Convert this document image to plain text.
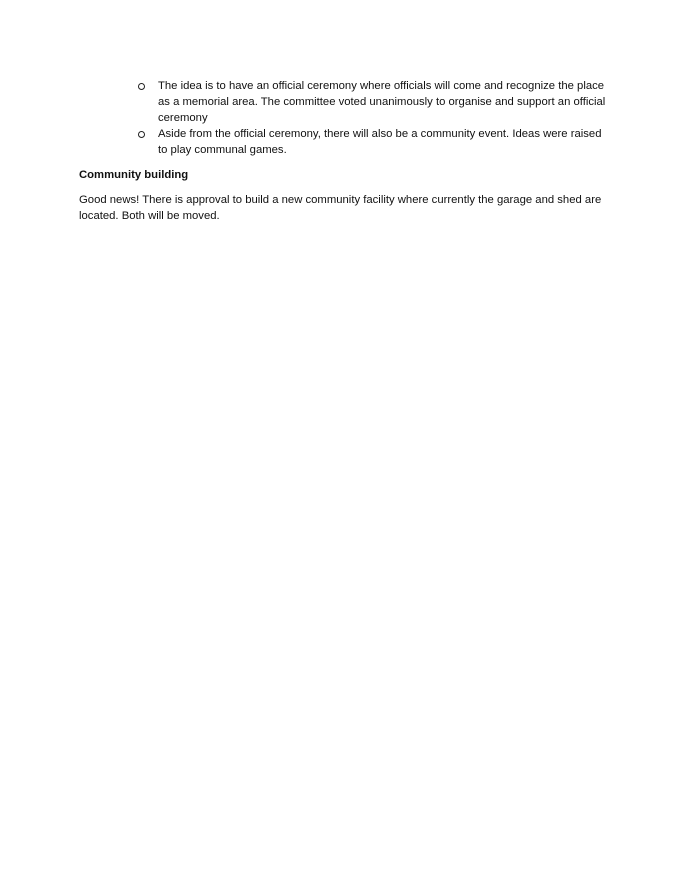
The idea is to have an official ceremony where officials will come and recognize the place as a memorial area. The committee voted unanimously to organise and support an official ceremony
Aside from the official ceremony, there will also be a community event. Ideas were raised to play communal games.
Community building

Good news! There is approval to build a new community facility where currently the garage and shed are located. Both will be moved.
